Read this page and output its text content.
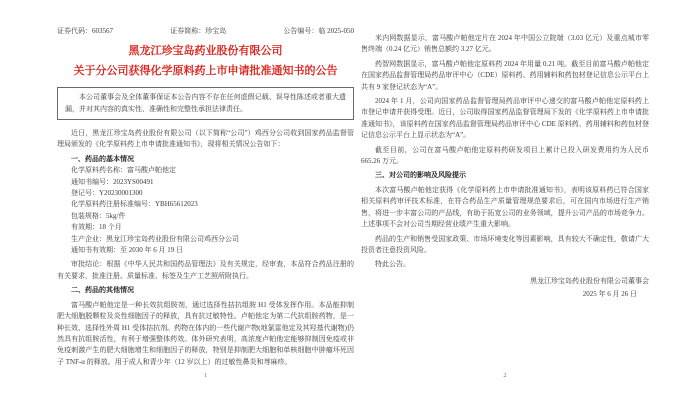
证券代码：603567	证券简称：珍宝岛	公告编号：临 2025-050
黑龙江珍宝岛药业股份有限公司
关于分公司获得化学原料药上市申请批准通知书的公告

本公司董事会及全体董事保证本公告内容不存在任何虚假记载、误导性陈述或者重大遗漏，并对其内容的真实性、准确性和完整性承担法律责任。

近日，黑龙江珍宝岛药业股份有限公司（以下简称“公司”）鸡西分公司收到国家药品监督管理局颁发的《化学原料药上市申请批准通知书》，现将相关情况公告如下：

一、药品的基本情况

化学原料药名称：富马酸卢帕他定

通知书编号：2023YS00491

登记号：Y20230001300

化学原料药注册标准编号：YBH65612023

包装规格：5kg/件

有效期：18 个月

生产企业：黑龙江珍宝岛药业股份有限公司鸡西分公司

通知书有效期：至 2030 年 6 月 19 日

审批结论：根据《中华人民共和国药品管理法》及有关规定，经审查，本品符合药品注册的有关要求，批准注册。质量标准、标签及生产工艺照所附执行。

二、药品的其他情况

富马酸卢帕他定是一种长效抗组胺剂，通过选择性拮抗组胺 H1 受体发挥作用。本品能抑制肥大细胞脱颗粒及炎性细胞因子的释放，具有抗过敏特性。卢帕他定为第二代抗组胺药物，是一种长效、选择性外周 H1 受体拮抗剂。药物在体内的一些代谢产物(地氯雷他定及其羟基代谢物)仍然具有抗组胺活性，有利于增强整体药效。体外研究表明，高浓度卢帕他定能够抑制因免疫或非免疫刺激产生的肥大细胞增生和细胞因子的释放，特别是抑制肥大细胞和单核细胞中肿瘤坏死因子 TNF-α 的释放。用于成人和青少年（12 岁以上）的过敏性鼻炎和荨麻疹。

1

米内网数据显示，富马酸卢帕他定片在 2024 年中国公立院端（3.03 亿元）及重点城市零售终端（0.24 亿元）销售总额约 3.27 亿元。

药智网数据显示，富马酸卢帕他定原料药 2024 年用量 0.21 吨。截至目前富马酸卢帕他定在国家药品监督管理局药品审评中心（CDE）原料药、药用辅料和药包材登记信息公示平台上共有 9 家登记状态为“A”。

2024 年 1 月，公司向国家药品监督管理局药品审评中心递交的富马酸卢帕他定原料药上市登记申请并获得受理。近日，公司取得国家药品监督管理局下发的《化学原料药上市申请批准通知书》，该原料药在国家药品监督管理局药品审评中心 CDE 原料药、药用辅料和药包材登记信息公示平台上显示状态为“A”。

截至目前，公司在富马酸卢帕他定原料药研发项目上累计已投入研发费用约为人民币 665.26 万元。

三、对公司的影响及风险提示

本次富马酸卢帕他定获得《化学原料药上市申请批准通知书》，表明该原料药已符合国家相关原料药审评技术标准，在符合药品生产质量管理规范要求后，可在国内市场进行生产销售，将进一步丰富公司的产品线，有助于拓宽公司的业务领域，提升公司产品的市场竞争力。上述事项不会对公司当期经营业绩产生重大影响。

药品的生产和销售受国家政策、市场环境变化等因素影响，具有较大不确定性，敬请广大投资者注意投资风险。

特此公告。

黑龙江珍宝岛药业股份有限公司董事会

2025 年 6 月 26 日

2
